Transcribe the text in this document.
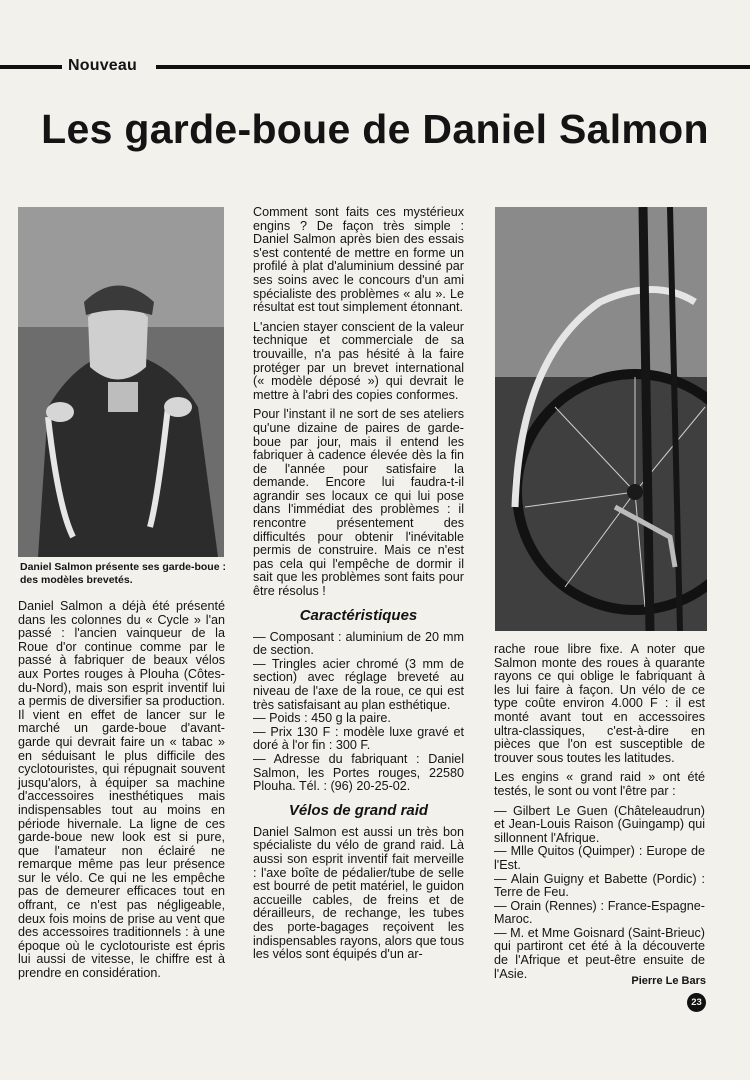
Nouveau
Les garde-boue de Daniel Salmon

Daniel Salmon présente ses garde-boue : des modèles brevetés.

Daniel Salmon a déjà été présenté dans les colonnes du « Cycle » l'an passé : l'ancien vainqueur de la Roue d'or continue comme par le passé à fabriquer de beaux vélos aux Portes rouges à Plouha (Côtes-du-Nord), mais son esprit inventif lui a permis de diversifier sa production. Il vient en effet de lancer sur le marché un garde-boue d'avant-garde qui devrait faire un « tabac » en séduisant le plus difficile des cyclotouristes, qui répugnait souvent jusqu'alors, à équiper sa machine d'accessoires inesthétiques mais indispensables tout au moins en période hivernale. La ligne de ces garde-boue new look est si pure, que l'amateur non éclairé ne remarque même pas leur présence sur le vélo. Ce qui ne les empêche pas de demeurer efficaces tout en offrant, ce n'est pas négligeable, deux fois moins de prise au vent que des accessoires traditionnels : à une époque où le cyclotouriste est épris lui aussi de vitesse, le chiffre est à prendre en considération.

Comment sont faits ces mystérieux engins ? De façon très simple : Daniel Salmon après bien des essais s'est contenté de mettre en forme un profilé à plat d'aluminium dessiné par ses soins avec le concours d'un ami spécialiste des problèmes « alu ». Le résultat est tout simplement étonnant.

L'ancien stayer conscient de la valeur technique et commerciale de sa trouvaille, n'a pas hésité à la faire protéger par un brevet international (« modèle déposé ») qui devrait le mettre à l'abri des copies conformes.

Pour l'instant il ne sort de ses ateliers qu'une dizaine de paires de garde-boue par jour, mais il entend les fabriquer à cadence élevée dès la fin de l'année pour satisfaire la demande. Encore lui faudra-t-il agrandir ses locaux ce qui lui pose dans l'immédiat des problèmes : il rencontre présentement des difficultés pour obtenir l'inévitable permis de construire. Mais ce n'est pas cela qui l'empêche de dormir il sait que les problèmes sont faits pour être résolus !

Caractéristiques
— Composant : aluminium de 20 mm de section.
— Tringles acier chromé (3 mm de section) avec réglage breveté au niveau de l'axe de la roue, ce qui est très satisfaisant au plan esthétique.
— Poids : 450 g la paire.
— Prix 130 F : modèle luxe gravé et doré à l'or fin : 300 F.
— Adresse du fabriquant : Daniel Salmon, les Portes rouges, 22580 Plouha. Tél. : (96) 20-25-02.
Vélos de grand raid

Daniel Salmon est aussi un très bon spécialiste du vélo de grand raid. Là aussi son esprit inventif fait merveille : l'axe boîte de pédalier/tube de selle est bourré de petit matériel, le guidon accueille cables, de freins et de dérailleurs, de rechange, les tubes des porte-bagages reçoivent les indispensables rayons, alors que tous les vélos sont équipés d'un ar-

rache roue libre fixe. A noter que Salmon monte des roues à quarante rayons ce qui oblige le fabriquant à les lui faire à façon. Un vélo de ce type coûte environ 4.000 F : il est monté avant tout en accessoires ultra-classiques, c'est-à-dire en pièces que l'on est susceptible de trouver sous toutes les latitudes.

Les engins « grand raid » ont été testés, le sont ou vont l'être par :

— Gilbert Le Guen (Châteleaudrun) et Jean-Louis Raison (Guingamp) qui sillonnent l'Afrique.
— Mlle Quitos (Quimper) : Europe de l'Est.
— Alain Guigny et Babette (Pordic) : Terre de Feu.
— Orain (Rennes) : France-Espagne-Maroc.
— M. et Mme Goisnard (Saint-Brieuc) qui partiront cet été à la découverte de l'Afrique et peut-être ensuite de l'Asie.

Pierre Le Bars

23
